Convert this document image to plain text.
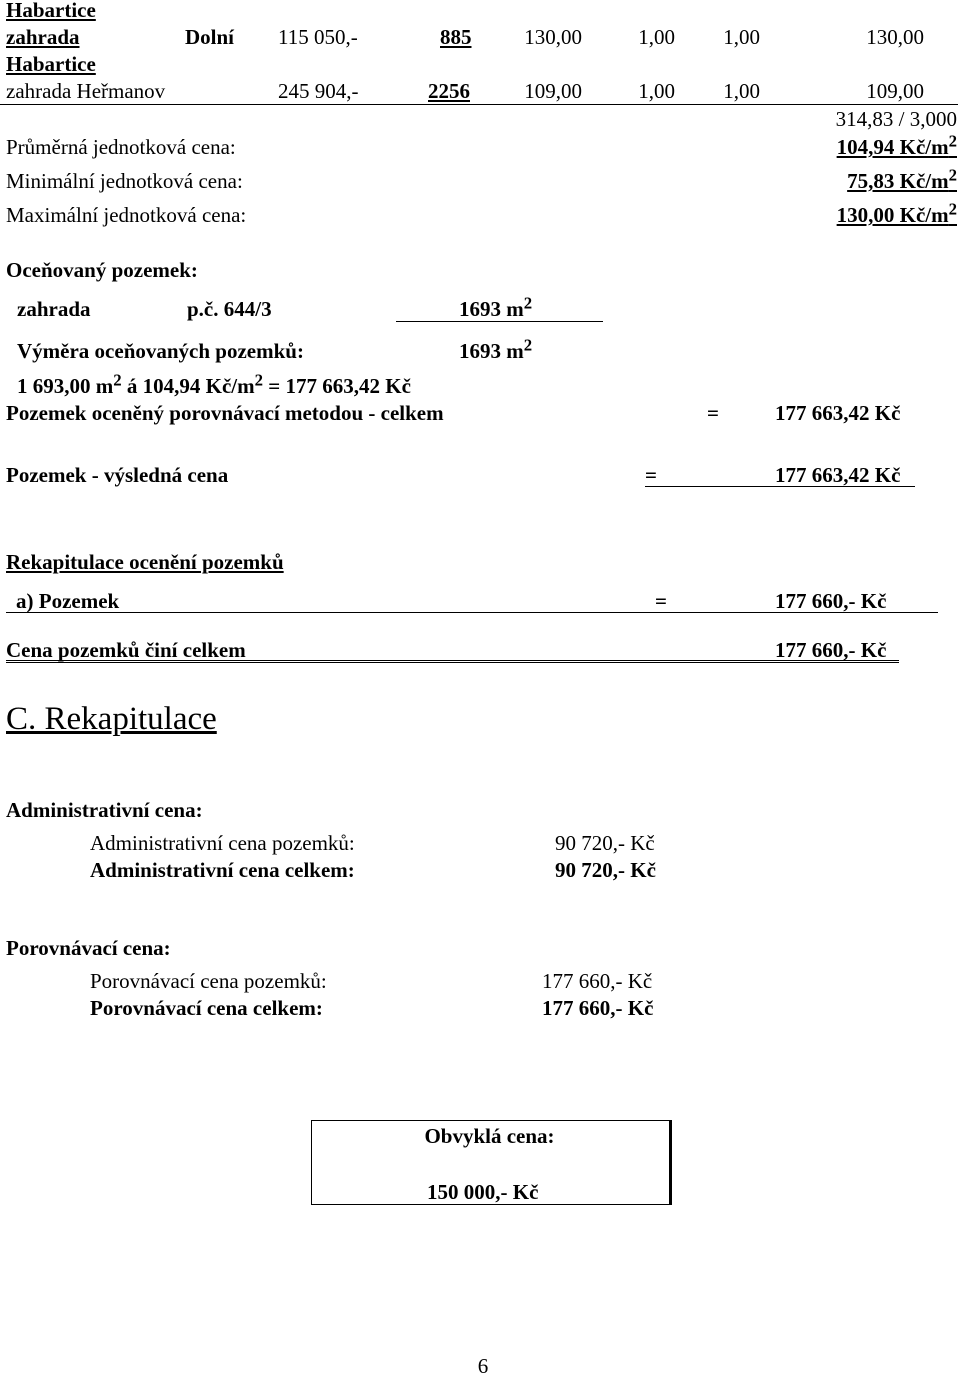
Habartice
zahrada	Dolní 115 050,-	885	130,00	1,00	1,00	130,00
Habartice
zahrada Heřmanov	245 904,-	2256	109,00	1,00	1,00	109,00
314,83 / 3,000
Průměrná jednotková cena:	104,94 $Kč/m^2$
Minimální jednotková cena:	75,83 $Kč/m^2$
Maximální jednotková cena:	130,00 $Kč/m^2$
Oceňovaný pozemek:
zahrada	p.č. 644/3	1693 $m^2$
Výměra oceňovaných pozemků:	1693 $m^2$
1 693,00 $m^2$ á 104,94 $Kč/m^2 = 177$ 663,42 Kč
Pozemek oceněný porovnávací metodou - celkem	=	177 663,42 Kč
Pozemek - výsledná cena	=	177 663,42 Kč
Rekapitulace ocenění pozemků
a) Pozemek	=	177 660,- Kč
Cena pozemků činí celkem	177 660,- Kč
C. Rekapitulace
Administrativní cena:
Administrativní cena pozemků:	90 720,- Kč
Administrativní cena celkem:	90 720,- Kč
Porovnávací cena:
Porovnávací cena pozemků:	177 660,- Kč
Porovnávací cena celkem:	177 660,- Kč
Obvyklá cena:
150 000,- Kč
6
